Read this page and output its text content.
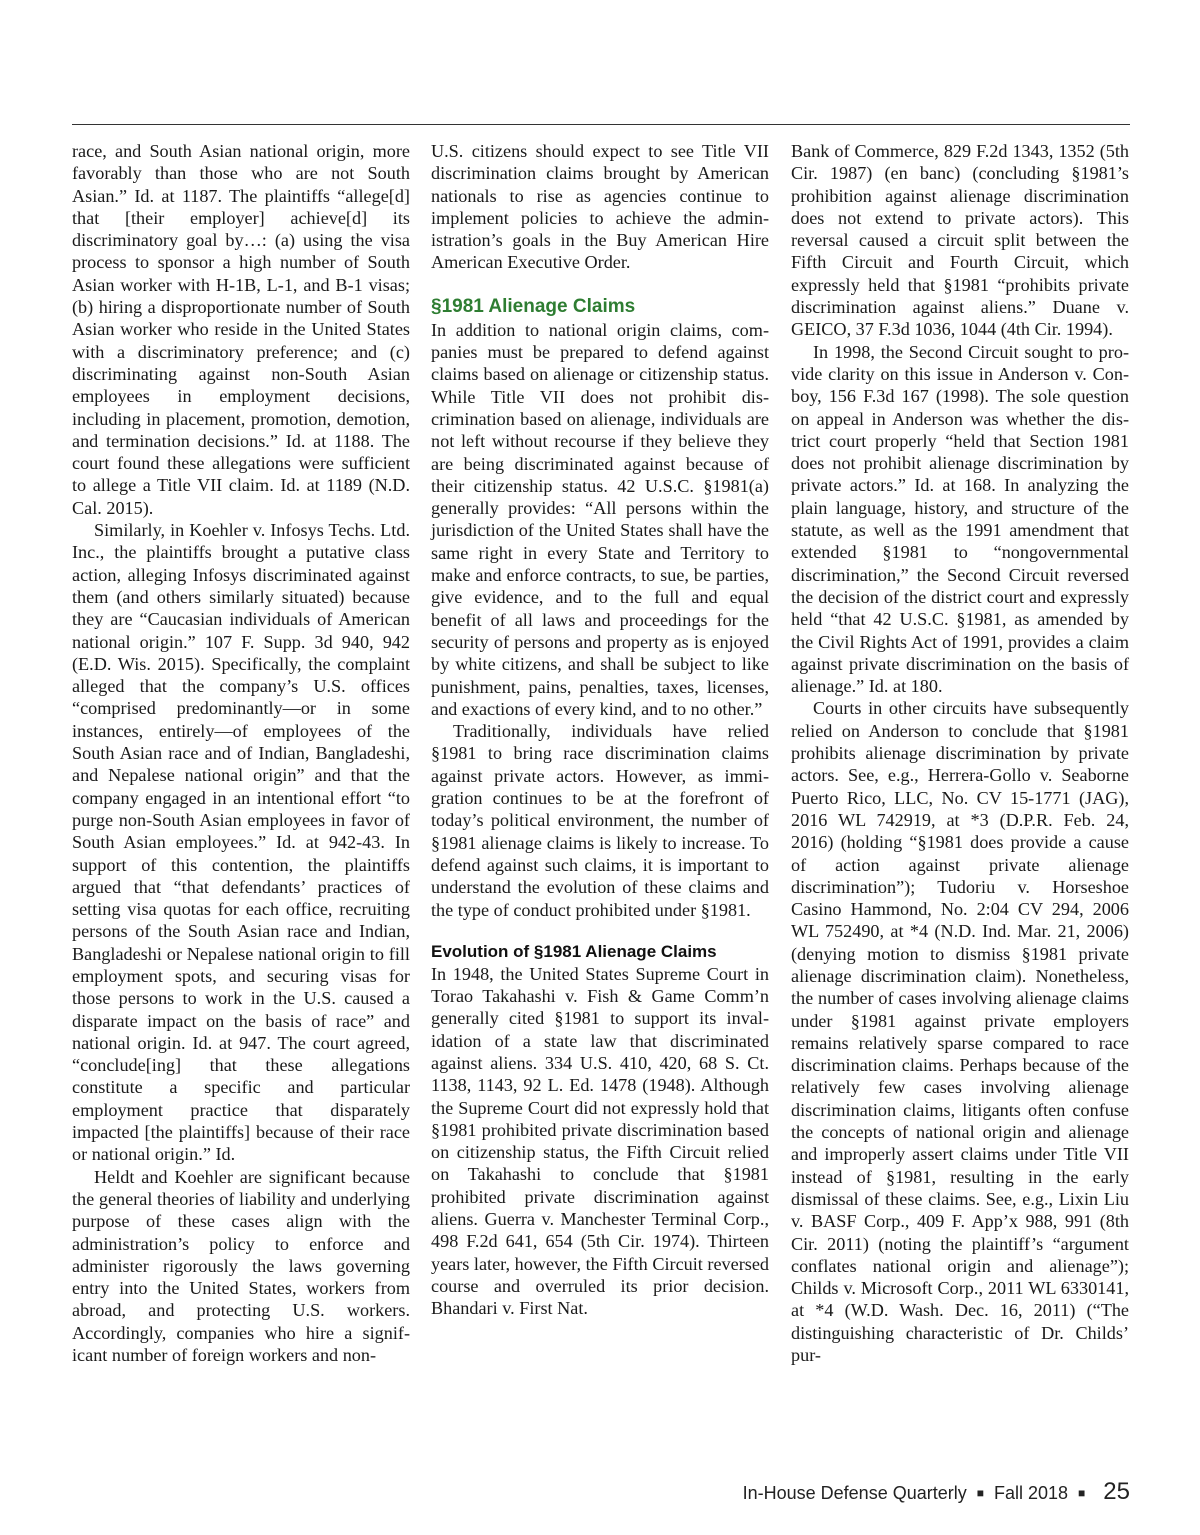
race, and South Asian national origin, more favorably than those who are not South Asian.” Id. at 1187. The plaintiffs “allege[d] that [their employer] achieve[d] its discriminatory goal by…: (a) using the visa process to sponsor a high number of South Asian worker with H-1B, L-1, and B-1 visas; (b) hiring a disproportionate number of South Asian worker who reside in the United States with a discriminatory preference; and (c) discriminating against non-South Asian employees in employment decisions, including in placement, promotion, demotion, and termination decisions.” Id. at 1188. The court found these allegations were sufficient to allege a Title VII claim. Id. at 1189 (N.D. Cal. 2015).

Similarly, in Koehler v. Infosys Techs. Ltd. Inc., the plaintiffs brought a putative class action, alleging Infosys discriminated against them (and others similarly situated) because they are “Caucasian individuals of American national origin.” 107 F. Supp. 3d 940, 942 (E.D. Wis. 2015). Specifically, the complaint alleged that the company’s U.S. offices “comprised predominantly—or in some instances, entirely—of employees of the South Asian race and of Indian, Bangladeshi, and Nepalese national origin” and that the company engaged in an intentional effort “to purge non-South Asian employees in favor of South Asian employees.” Id. at 942-43. In support of this contention, the plaintiffs argued that “that defendants’ practices of setting visa quotas for each office, recruiting persons of the South Asian race and Indian, Bangladeshi or Nepalese national origin to fill employment spots, and securing visas for those persons to work in the U.S. caused a disparate impact on the basis of race” and national origin. Id. at 947. The court agreed, “conclude[ing] that these allegations constitute a specific and particular employment practice that disparately impacted [the plaintiffs] because of their race or national origin.” Id.

Heldt and Koehler are significant because the general theories of liability and underlying purpose of these cases align with the administration’s policy to enforce and administer rigorously the laws governing entry into the United States, workers from abroad, and protecting U.S. workers. Accordingly, companies who hire a significant number of foreign workers and non-

U.S. citizens should expect to see Title VII discrimination claims brought by American nationals to rise as agencies continue to implement policies to achieve the administration’s goals in the Buy American Hire American Executive Order.

§1981 Alienage Claims

In addition to national origin claims, companies must be prepared to defend against claims based on alienage or citizenship status. While Title VII does not prohibit discrimination based on alienage, individuals are not left without recourse if they believe they are being discriminated against because of their citizenship status. 42 U.S.C. §1981(a) generally provides: “All persons within the jurisdiction of the United States shall have the same right in every State and Territory to make and enforce contracts, to sue, be parties, give evidence, and to the full and equal benefit of all laws and proceedings for the security of persons and property as is enjoyed by white citizens, and shall be subject to like punishment, pains, penalties, taxes, licenses, and exactions of every kind, and to no other.”

Traditionally, individuals have relied §1981 to bring race discrimination claims against private actors. However, as immigration continues to be at the forefront of today’s political environment, the number of §1981 alienage claims is likely to increase. To defend against such claims, it is important to understand the evolution of these claims and the type of conduct prohibited under §1981.

Evolution of §1981 Alienage Claims

In 1948, the United States Supreme Court in Torao Takahashi v. Fish & Game Comm’n generally cited §1981 to support its invalidation of a state law that discriminated against aliens. 334 U.S. 410, 420, 68 S. Ct. 1138, 1143, 92 L. Ed. 1478 (1948). Although the Supreme Court did not expressly hold that §1981 prohibited private discrimination based on citizenship status, the Fifth Circuit relied on Takahashi to conclude that §1981 prohibited private discrimination against aliens. Guerra v. Manchester Terminal Corp., 498 F.2d 641, 654 (5th Cir. 1974). Thirteen years later, however, the Fifth Circuit reversed course and overruled its prior decision. Bhandari v. First Nat.

Bank of Commerce, 829 F.2d 1343, 1352 (5th Cir. 1987) (en banc) (concluding §1981’s prohibition against alienage discrimination does not extend to private actors). This reversal caused a circuit split between the Fifth Circuit and Fourth Circuit, which expressly held that §1981 “prohibits private discrimination against aliens.” Duane v. GEICO, 37 F.3d 1036, 1044 (4th Cir. 1994).

In 1998, the Second Circuit sought to provide clarity on this issue in Anderson v. Conboy, 156 F.3d 167 (1998). The sole question on appeal in Anderson was whether the district court properly “held that Section 1981 does not prohibit alienage discrimination by private actors.” Id. at 168. In analyzing the plain language, history, and structure of the statute, as well as the 1991 amendment that extended §1981 to “nongovernmental discrimination,” the Second Circuit reversed the decision of the district court and expressly held “that 42 U.S.C. §1981, as amended by the Civil Rights Act of 1991, provides a claim against private discrimination on the basis of alienage.” Id. at 180.

Courts in other circuits have subsequently relied on Anderson to conclude that §1981 prohibits alienage discrimination by private actors. See, e.g., Herrera-Gollo v. Seaborne Puerto Rico, LLC, No. CV 15-1771 (JAG), 2016 WL 742919, at *3 (D.P.R. Feb. 24, 2016) (holding “§1981 does provide a cause of action against private alienage discrimination”); Tudoriu v. Horseshoe Casino Hammond, No. 2:04 CV 294, 2006 WL 752490, at *4 (N.D. Ind. Mar. 21, 2006) (denying motion to dismiss §1981 private alienage discrimination claim). Nonetheless, the number of cases involving alienage claims under §1981 against private employers remains relatively sparse compared to race discrimination claims. Perhaps because of the relatively few cases involving alienage discrimination claims, litigants often confuse the concepts of national origin and alienage and improperly assert claims under Title VII instead of §1981, resulting in the early dismissal of these claims. See, e.g., Lixin Liu v. BASF Corp., 409 F. App’x 988, 991 (8th Cir. 2011) (noting the plaintiff’s “argument conflates national origin and alienage”); Childs v. Microsoft Corp., 2011 WL 6330141, at *4 (W.D. Wash. Dec. 16, 2011) (“The distinguishing characteristic of Dr. Childs’ pur-

In-House Defense Quarterly ■ Fall 2018 ■ 25
